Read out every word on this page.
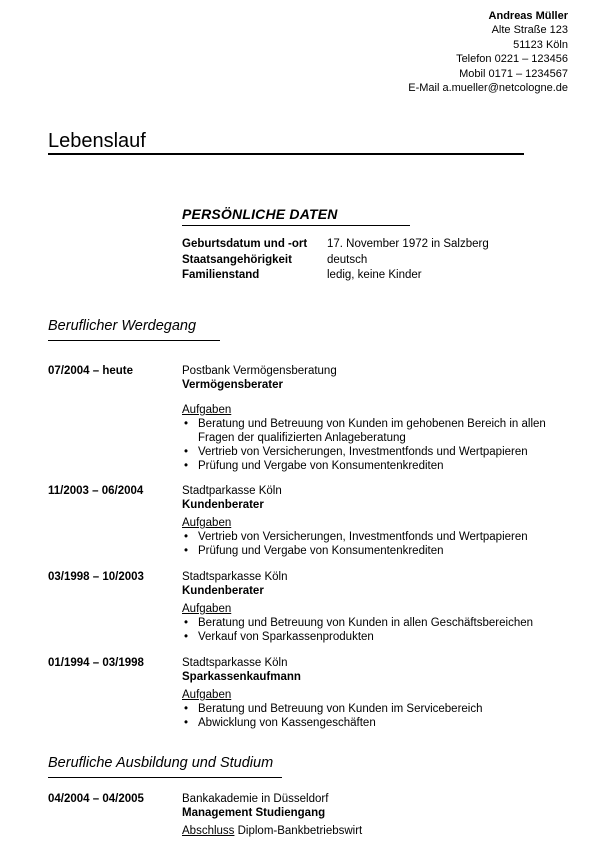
Andreas Müller
Alte Straße 123
51123 Köln
Telefon 0221 – 123456
Mobil 0171 – 1234567
E-Mail a.mueller@netcologne.de
Lebenslauf
PERSÖNLICHE DATEN
Geburtsdatum und -ort	17. November 1972 in Salzberg
Staatsangehörigkeit	deutsch
Familienstand	ledig, keine Kinder
Beruflicher Werdegang
07/2004 – heute	Postbank Vermögensberatung
Vermögensberater
Aufgaben
• Beratung und Betreuung von Kunden im gehobenen Bereich in allen Fragen der qualifizierten Anlageberatung
• Vertrieb von Versicherungen, Investmentfonds und Wertpapieren
• Prüfung und Vergabe von Konsumentenkrediten
11/2003 – 06/2004	Stadtparkasse Köln
Kundenberater
Aufgaben
• Vertrieb von Versicherungen, Investmentfonds und Wertpapieren
• Prüfung und Vergabe von Konsumentenkrediten
03/1998 – 10/2003	Stadtsparkasse Köln
Kundenberater
Aufgaben
• Beratung und Betreuung von Kunden in allen Geschäftsbereichen
• Verkauf von Sparkassenprodukten
01/1994 – 03/1998	Stadtsparkasse Köln
Sparkassenkaufmann
Aufgaben
• Beratung und Betreuung von Kunden im Servicebereich
• Abwicklung von Kassengeschäften
Berufliche Ausbildung und Studium
04/2004 – 04/2005	Bankakademie in Düsseldorf
Management Studiengang
Abschluss Diplom-Bankbetriebswirt
